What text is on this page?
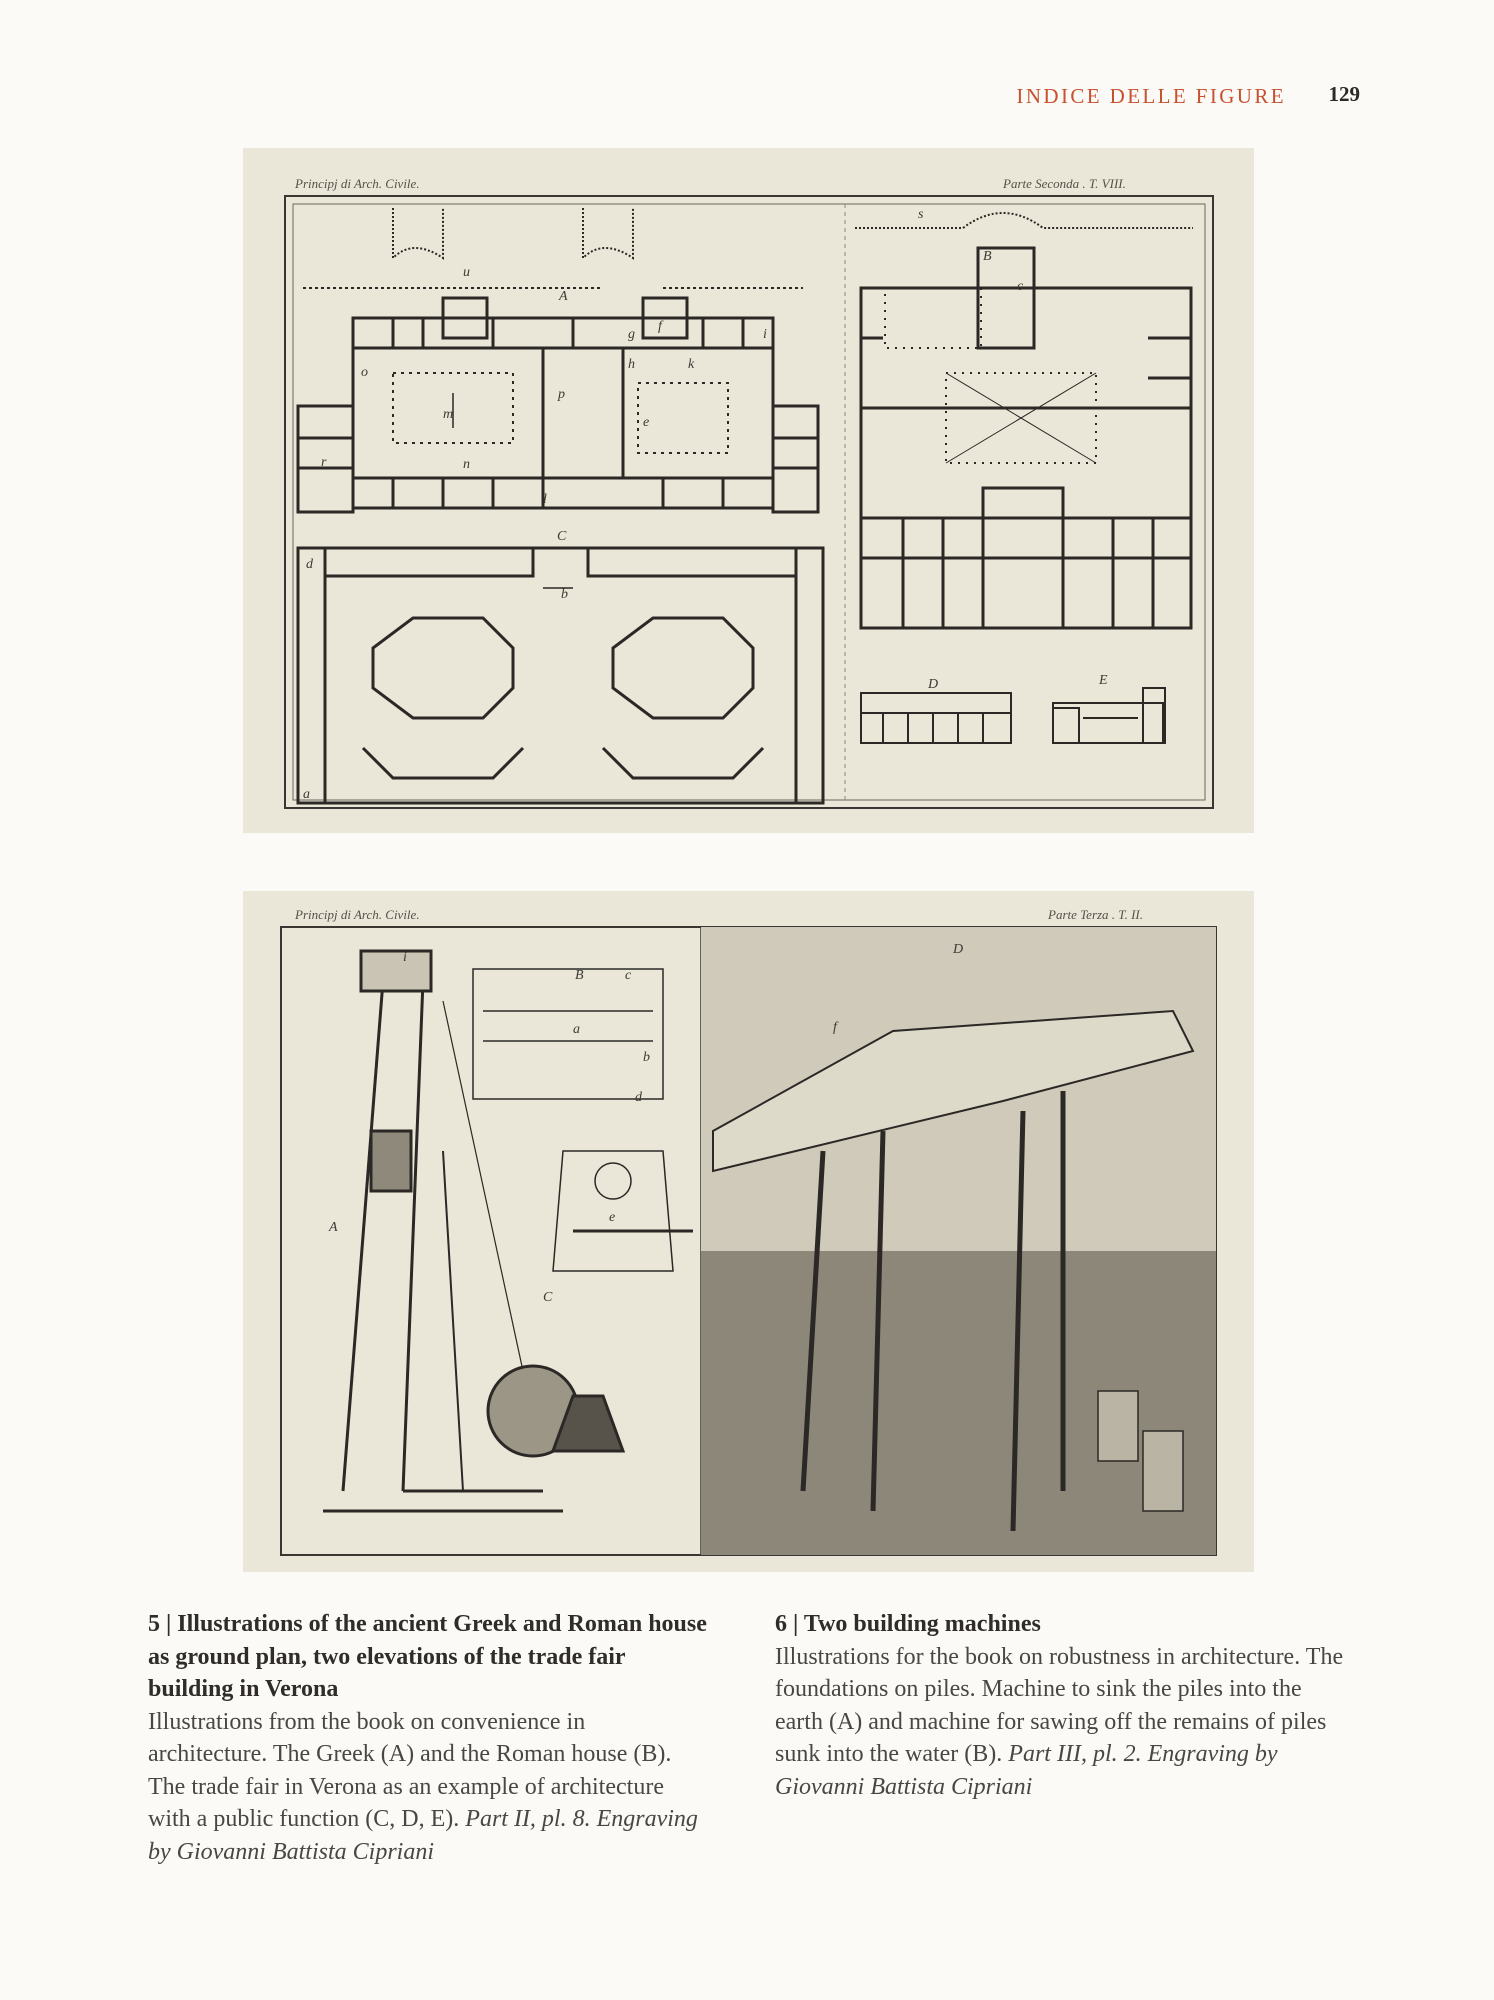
INDICE DELLE FIGURE 129
Principj di Arch. Civile.	Parte Seconda . T. VIII.
A
B
C
D	E
a
b
c
d
e
f
g
h
i
k
l
m
n
o
p
r
s
u
Principj di Arch. Civile.	Parte Terza . T. II.
A
B
C
D
a
b
c
d
e
f
i
5 | Illustrations of the ancient Greek and Roman house as ground plan, two elevations of the trade fair building in Verona
Illustrations from the book on convenience in architecture. The Greek (A) and the Roman house (B). The trade fair in Verona as an example of architecture with a public function (C, D, E). Part II, pl. 8. Engraving by Giovanni Battista Cipriani
6 | Two building machines
Illustrations for the book on robustness in architecture. The foundations on piles. Machine to sink the piles into the earth (A) and machine for sawing off the remains of piles sunk into the water (B). Part III, pl. 2. Engraving by Giovanni Battista Cipriani
